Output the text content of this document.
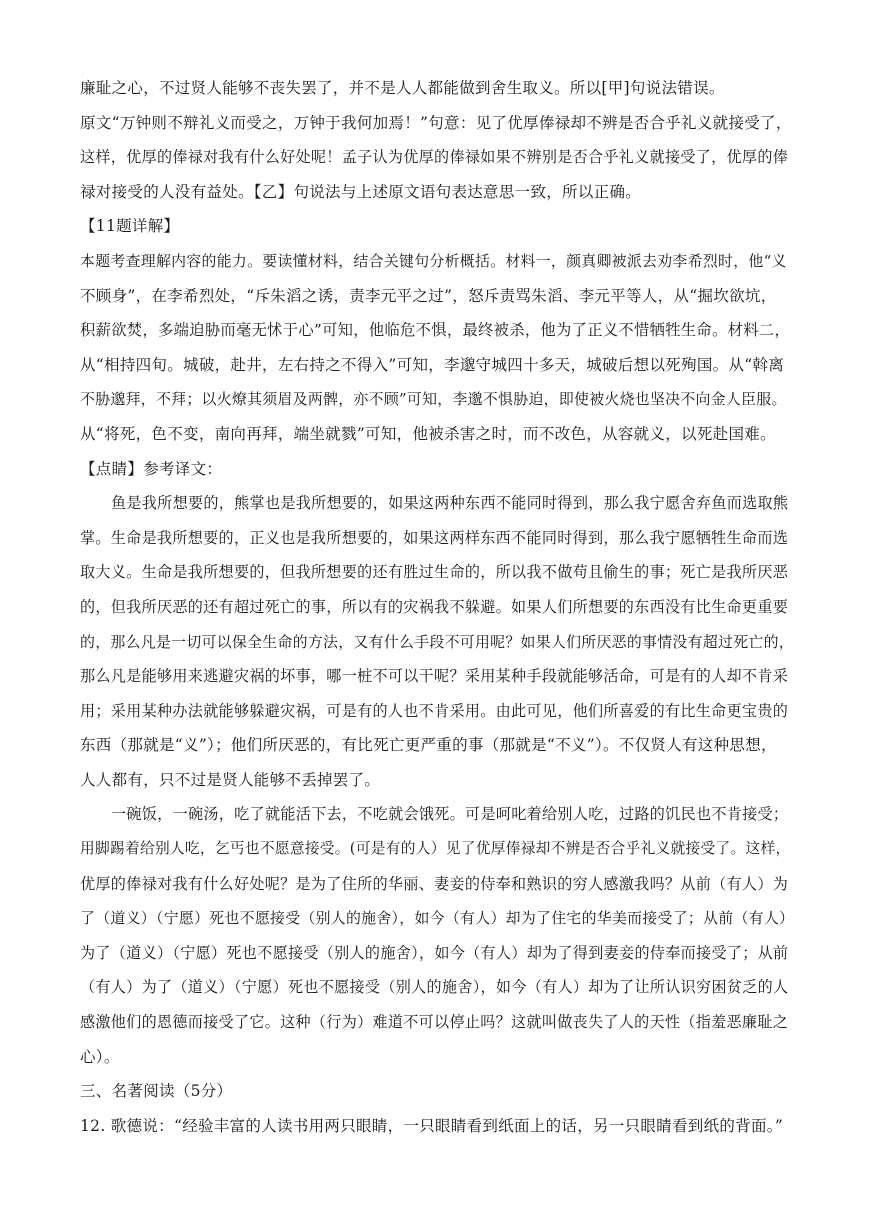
廉耻之心，不过贤人能够不丧失罢了，并不是人人都能做到舍生取义。所以[甲]句说法错误。
原文“万钟则不辩礼义而受之，万钟于我何加焉！”句意：见了优厚俸禄却不辨是否合乎礼义就接受了，
这样，优厚的俸禄对我有什么好处呢！孟子认为优厚的俸禄如果不辨别是否合乎礼义就接受了，优厚的俸
禄对接受的人没有益处。【乙】句说法与上述原文语句表达意思一致，所以正确。
【11题详解】
本题考查理解内容的能力。要读懂材料，结合关键句分析概括。材料一，颜真卿被派去劝李希烈时，他“义
不顾身”，在李希烈处，“斥朱滔之诱，责李元平之过”，怒斥责骂朱滔、李元平等人，从“掘坎欲坑，
积薪欲焚，多端迫胁而毫无怵于心”可知，他临危不惧，最终被杀，他为了正义不惜牺牲生命。材料二，
从“相持四旬。城破，赴井，左右持之不得入”可知，李邈守城四十多天，城破后想以死殉国。从“斡离
不胁邈拜，不拜；以火燎其须眉及两髀，亦不顾”可知，李邈不惧胁迫，即使被火烧也坚决不向金人臣服。
从“将死，色不变，南向再拜，端坐就戮”可知，他被杀害之时，而不改色，从容就义，以死赴国难。
【点睛】参考译文：
鱼是我所想要的，熊掌也是我所想要的，如果这两种东西不能同时得到，那么我宁愿舍弃鱼而选取熊
掌。生命是我所想要的，正义也是我所想要的，如果这两样东西不能同时得到，那么我宁愿牺牲生命而选
取大义。生命是我所想要的，但我所想要的还有胜过生命的，所以我不做苟且偷生的事；死亡是我所厌恶
的，但我所厌恶的还有超过死亡的事，所以有的灾祸我不躲避。如果人们所想要的东西没有比生命更重要
的，那么凡是一切可以保全生命的方法，又有什么手段不可用呢？如果人们所厌恶的事情没有超过死亡的，
那么凡是能够用来逃避灾祸的坏事，哪一桩不可以干呢？采用某种手段就能够活命，可是有的人却不肯采
用；采用某种办法就能够躲避灾祸，可是有的人也不肯采用。由此可见，他们所喜爱的有比生命更宝贵的
东西（那就是“义”）；他们所厌恶的，有比死亡更严重的事（那就是“不义”）。不仅贤人有这种思想，
人人都有，只不过是贤人能够不丢掉罢了。
一碗饭，一碗汤，吃了就能活下去，不吃就会饿死。可是呵叱着给别人吃，过路的饥民也不肯接受；
用脚踢着给别人吃，乞丐也不愿意接受。(可是有的人）见了优厚俸禄却不辨是否合乎礼义就接受了。这样，
优厚的俸禄对我有什么好处呢？是为了住所的华丽、妻妾的侍奉和熟识的穷人感激我吗？从前（有人）为
了（道义）（宁愿）死也不愿接受（别人的施舍），如今（有人）却为了住宅的华美而接受了；从前（有人）
为了（道义）（宁愿）死也不愿接受（别人的施舍），如今（有人）却为了得到妻妾的侍奉而接受了；从前
（有人）为了（道义）（宁愿）死也不愿接受（别人的施舍），如今（有人）却为了让所认识穷困贫乏的人
感激他们的恩德而接受了它。这种（行为）难道不可以停止吗？这就叫做丧失了人的天性（指羞恶廉耻之
心）。
三、名著阅读（5分）
12. 歌德说：“经验丰富的人读书用两只眼睛，一只眼睛看到纸面上的话，另一只眼睛看到纸的背面。”
